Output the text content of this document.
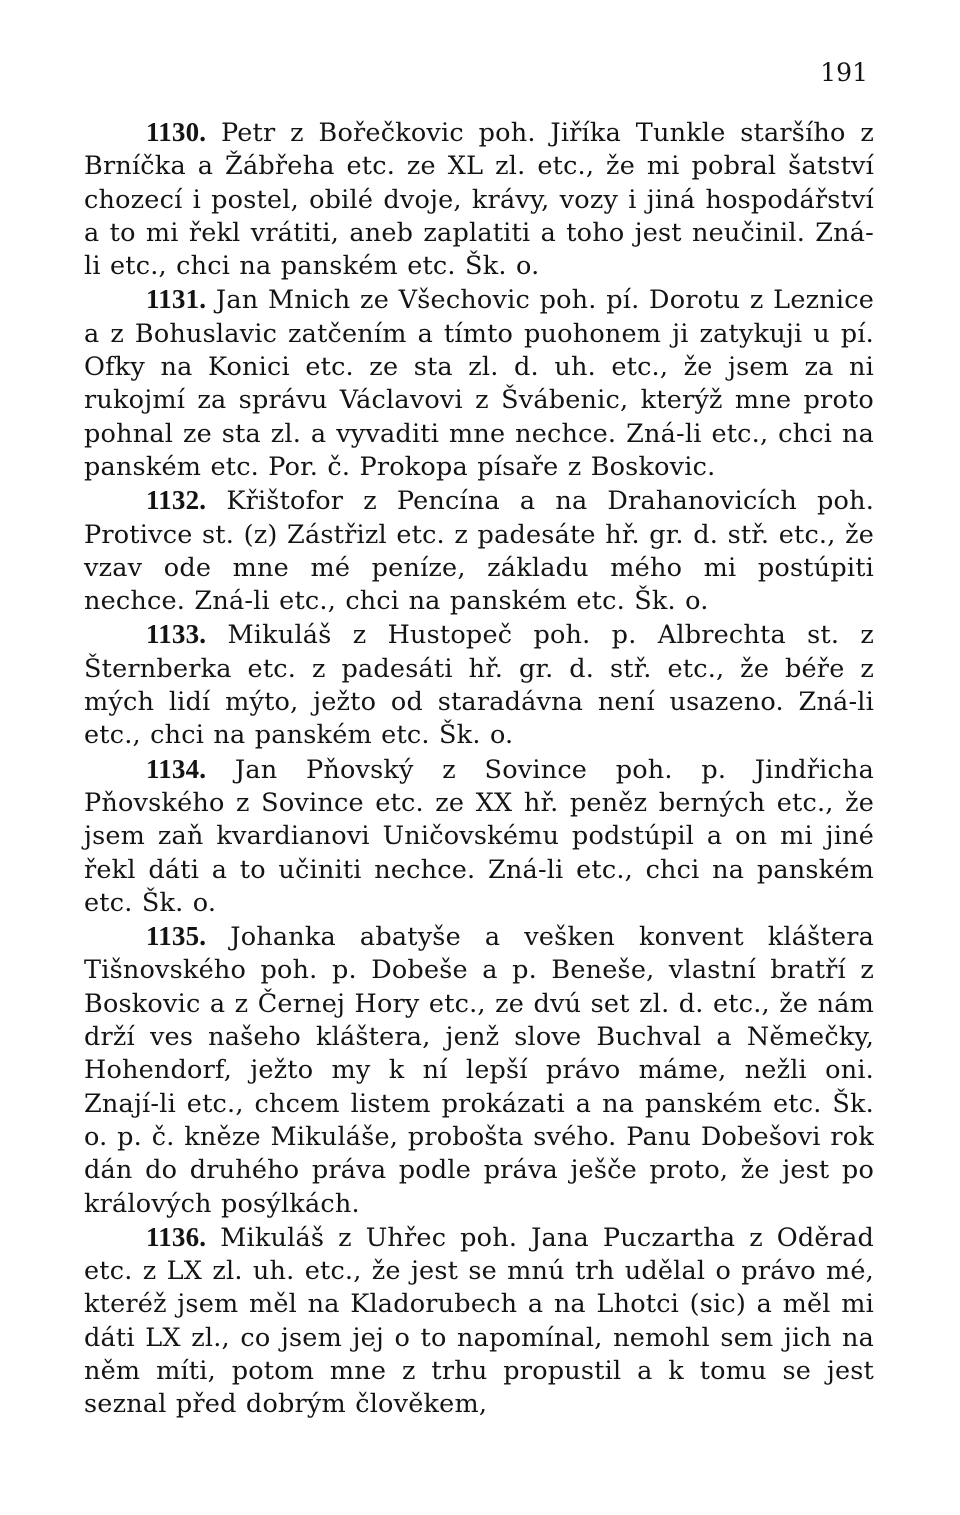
191

1130. Petr z Bořečkovic poh. Jiříka Tunkle staršího z Brníčka a Žábřeha etc. ze XL zl. etc., že mi pobral šatství chozecí i postel, obilé dvoje, krávy, vozy i jiná hospodářství a to mi řekl vrátiti, aneb zaplatiti a toho jest neučinil. Zná-li etc., chci na panském etc. Šk. o.

1131. Jan Mnich ze Všechovic poh. pí. Dorotu z Leznice a z Bohuslavic zatčením a tímto puohonem ji zatykuji u pí. Ofky na Konici etc. ze sta zl. d. uh. etc., že jsem za ni rukojmí za správu Václavovi z Švábenic, kterýž mne proto pohnal ze sta zl. a vyvaditi mne nechce. Zná-li etc., chci na panském etc. Por. č. Prokopa písaře z Boskovic.

1132. Křištofor z Pencína a na Drahanovicích poh. Protivce st. (z) Zástřizl etc. z padesáte hř. gr. d. stř. etc., že vzav ode mne mé peníze, základu mého mi postúpiti nechce. Zná-li etc., chci na panském etc. Šk. o.

1133. Mikuláš z Hustopeč poh. p. Albrechta st. z Šternberka etc. z padesáti hř. gr. d. stř. etc., že béře z mých lidí mýto, ježto od staradávna není usazeno. Zná-li etc., chci na panském etc. Šk. o.

1134. Jan Pňovský z Sovince poh. p. Jindřicha Pňovského z Sovince etc. ze XX hř. peněz berných etc., že jsem zaň kvardianovi Uničovskému podstúpil a on mi jiné řekl dáti a to učiniti nechce. Zná-li etc., chci na panském etc. Šk. o.

1135. Johanka abatyše a vešken konvent kláštera Tišnovského poh. p. Dobeše a p. Beneše, vlastní bratří z Boskovic a z Černej Hory etc., ze dvú set zl. d. etc., že nám drží ves našeho kláštera, jenž slove Buchval a Němečky, Hohendorf, ježto my k ní lepší právo máme, nežli oni. Znají-li etc., chcem listem prokázati a na panském etc. Šk. o. p. č. kněze Mikuláše, probošta svého. Panu Dobešovi rok dán do druhého práva podle práva ješče proto, že jest po králových posýlkách.

1136. Mikuláš z Uhřec poh. Jana Puczartha z Oděrad etc. z LX zl. uh. etc., že jest se mnú trh udělal o právo mé, kteréž jsem měl na Kladorubech a na Lhotci (sic) a měl mi dáti LX zl., co jsem jej o to napomínal, nemohl sem jich na něm míti, potom mne z trhu propustil a k tomu se jest seznal před dobrým člověkem,
